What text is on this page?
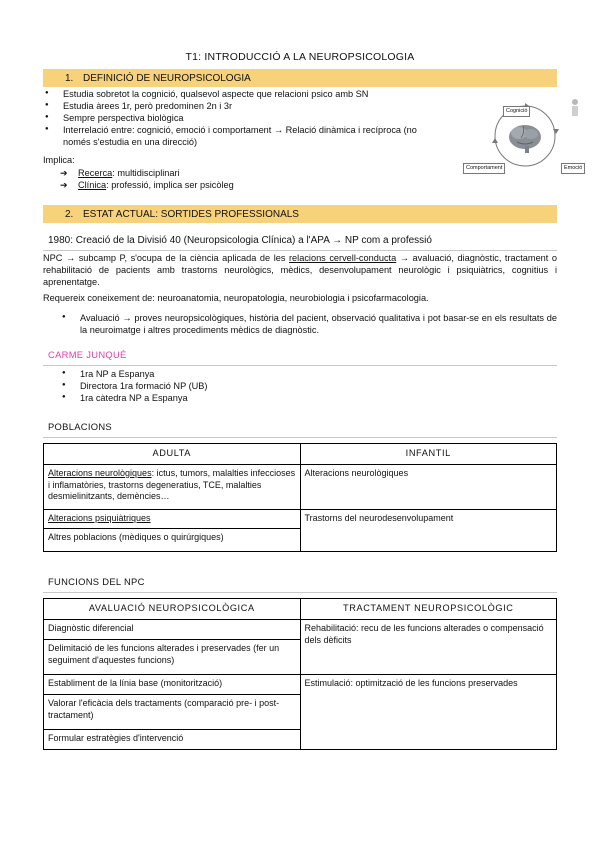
T1: INTRODUCCIÓ A LA NEUROPSICOLOGIA
1. DEFINICIÓ DE NEUROPSICOLOGIA
● Estudia sobretot la cognició, qualsevol aspecte que relacioni psico amb SN
● Estudia àrees 1r, però predominen 2n i 3r
● Sempre perspectiva biològica
● Interrelació entre: cognició, emoció i comportament → Relació dinàmica i recíproca (no només s'estudia en una direcció)
Implica:
➔ Recerca: multidisciplinari
➔ Clínica: professió, implica ser psicòleg
Cognició
Comportament	Emoció
2. ESTAT ACTUAL: SORTIDES PROFESSIONALS
1980: Creació de la Divisió 40 (Neuropsicologia Clínica) a l'APA → NP com a professió
NPC → subcamp P, s'ocupa de la ciència aplicada de les relacions cervell-conducta → avaluació, diagnòstic, tractament o rehabilitació de pacients amb trastorns neurològics, mèdics, desenvolupament neurològic i psiquiàtrics, cognitius i aprenentatge.
Requereix coneixement de: neuroanatomia, neuropatologia, neurobiologia i psicofarmacologia.
● Avaluació → proves neuropsicològiques, història del pacient, observació qualitativa i pot basar-se en els resultats de la neuroimatge i altres procediments mèdics de diagnòstic.
CARME JUNQUÉ
● 1ra NP a Espanya
● Directora 1ra formació NP (UB)
● 1ra càtedra NP a Espanya
POBLACIONS
ADULTA	INFANTIL
Alteracions neurològiques: ictus, tumors, malalties infeccioses i inflamatòries, trastorns degeneratius, TCE, malalties desmielinitzants, demències…	Alteracions neurològiques
Alteracions psiquiàtriques	Trastorns del neurodesenvolupament
Altres poblacions (mèdiques o quirúrgiques)	
FUNCIONS DEL NPC
AVALUACIÓ NEUROPSICOLÒGICA	TRACTAMENT NEUROPSICOLÒGIC
Diagnòstic diferencial	Rehabilitació: recu de les funcions alterades o compensació dels dèficits
Delimitació de les funcions alterades i preservades (fer un seguiment d'aquestes funcions)	
Establiment de la línia base (monitorització)	Estimulació: optimització de les funcions preservades
Valorar l'eficàcia dels tractaments (comparació pre- i post-tractament)	
Formular estratègies d'intervenció	
